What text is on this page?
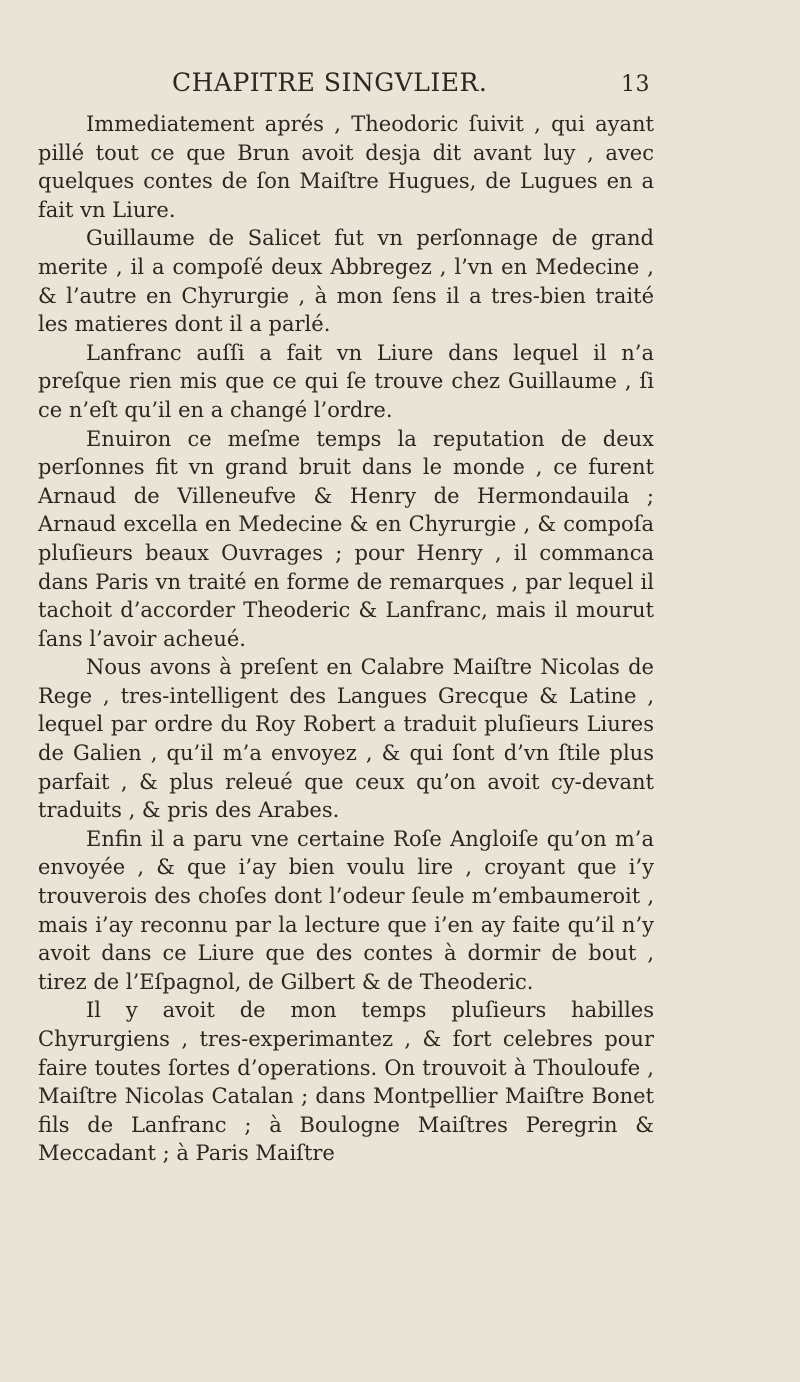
CHAPITRE SINGVLIER.	13

Immediatement aprés , Theodoric ſuivit , qui ayant pillé tout ce que Brun avoit desja dit avant luy , avec quelques contes de ſon Maiſtre Hugues, de Lugues en a fait vn Liure.

Guillaume de Salicet fut vn perſonnage de grand merite , il a compoſé deux Abbregez , l’vn en Medecine , & l’autre en Chyrurgie , à mon ſens il a tres-bien traité les matieres dont il a parlé.

Lanfranc auſſi a fait vn Liure dans lequel il n’a preſque rien mis que ce qui ſe trouve chez Guillaume , ſi ce n’eſt qu’il en a changé l’ordre.

Enuiron ce meſme temps la reputation de deux perſonnes fit vn grand bruit dans le monde , ce furent Arnaud de Villeneufve & Henry de Hermondauila ; Arnaud excella en Medecine & en Chyrurgie , & compoſa pluſieurs beaux Ouvrages ; pour Henry , il commanca dans Paris vn traité en forme de remarques , par lequel il tachoit d’accorder Theoderic & Lanfranc, mais il mourut ſans l’avoir acheué.

Nous avons à preſent en Calabre Maiſtre Nicolas de Rege , tres-intelligent des Langues Grecque & Latine , lequel par ordre du Roy Robert a traduit pluſieurs Liures de Galien , qu’il m’a envoyez , & qui ſont d’vn ſtile plus parfait , & plus releué que ceux qu’on avoit cy-devant traduits , & pris des Arabes.

Enfin il a paru vne certaine Roſe Angloiſe qu’on m’a envoyée , & que i’ay bien voulu lire , croyant que i’y trouverois des choſes dont l’odeur ſeule m’embaumeroit , mais i’ay reconnu par la lecture que i’en ay faite qu’il n’y avoit dans ce Liure que des contes à dormir de bout , tirez de l’Eſpagnol, de Gilbert & de Theoderic.

Il y avoit de mon temps pluſieurs habilles Chyrurgiens , tres-experimantez , & fort celebres pour faire toutes ſortes d’operations. On trouvoit à Thouloufe , Maiſtre Nicolas Catalan ; dans Montpellier Maiſtre Bonet fils de Lanfranc ; à Boulogne Maiſtres Peregrin & Meccadant ; à Paris Maiſtre
